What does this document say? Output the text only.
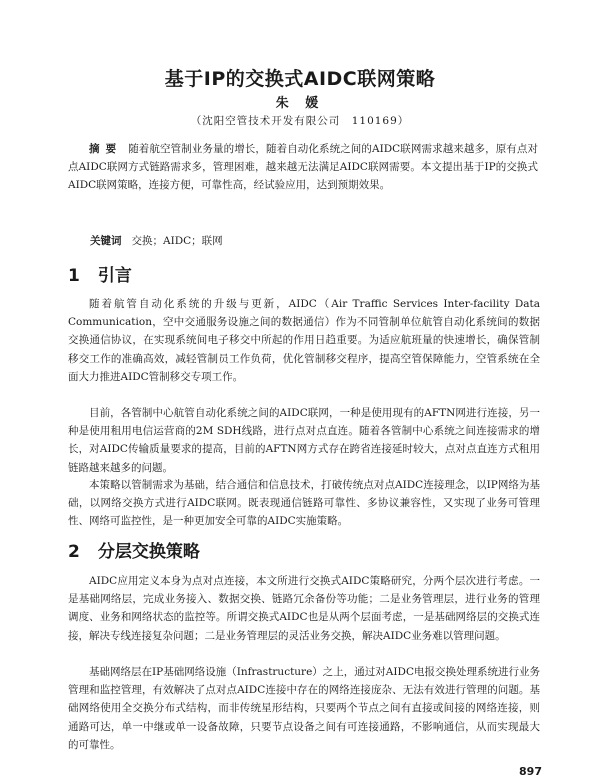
基于IP的交换式AIDC联网策略
朱 媛
（沈阳空管技术开发有限公司　110169）
摘要 随着航空管制业务量的增长，随着自动化系统之间的AIDC联网需求越来越多，原有点对点AIDC联网方式链路需求多，管理困难，越来越无法满足AIDC联网需要。本文提出基于IP的交换式AIDC联网策略，连接方便，可靠性高，经试验应用，达到预期效果。
关键词 交换；AIDC；联网
1 引言
随着航管自动化系统的升级与更新，AIDC（Air Traffic Services Inter-facility Data Communication，空中交通服务设施之间的数据通信）作为不同管制单位航管自动化系统间的数据交换通信协议，在实现系统间电子移交中所起的作用日趋重要。为适应航班量的快速增长，确保管制移交工作的准确高效，减轻管制员工作负荷，优化管制移交程序，提高空管保障能力，空管系统在全面大力推进AIDC管制移交专项工作。
目前，各管制中心航管自动化系统之间的AIDC联网，一种是使用现有的AFTN网进行连接，另一种是使用租用电信运营商的2M SDH线路，进行点对点直连。随着各管制中心系统之间连接需求的增长，对AIDC传输质量要求的提高，目前的AFTN网方式存在跨省连接延时较大，点对点直连方式租用链路越来越多的问题。
本策略以管制需求为基础，结合通信和信息技术，打破传统点对点AIDC连接理念，以IP网络为基础，以网络交换方式进行AIDC联网。既表现通信链路可靠性、多协议兼容性，又实现了业务可管理性、网络可监控性，是一种更加安全可靠的AIDC实施策略。
2 分层交换策略
AIDC应用定义本身为点对点连接，本文所进行交换式AIDC策略研究，分两个层次进行考虑。一是基础网络层，完成业务接入、数据交换、链路冗余备份等功能；二是业务管理层，进行业务的管理调度、业务和网络状态的监控等。所谓交换式AIDC也是从两个层面考虑，一是基础网络层的交换式连接，解决专线连接复杂问题；二是业务管理层的灵活业务交换，解决AIDC业务难以管理问题。
基础网络层在IP基础网络设施（Infrastructure）之上，通过对AIDC电报交换处理系统进行业务管理和监控管理，有效解决了点对点AIDC连接中存在的网络连接庞杂、无法有效进行管理的问题。基础网络使用全交换分布式结构，而非传统星形结构，只要两个节点之间有直接或间接的网络连接，则通路可达，单一中继或单一设备故障，只要节点设备之间有可连接通路，不影响通信，从而实现最大的可靠性。
897
